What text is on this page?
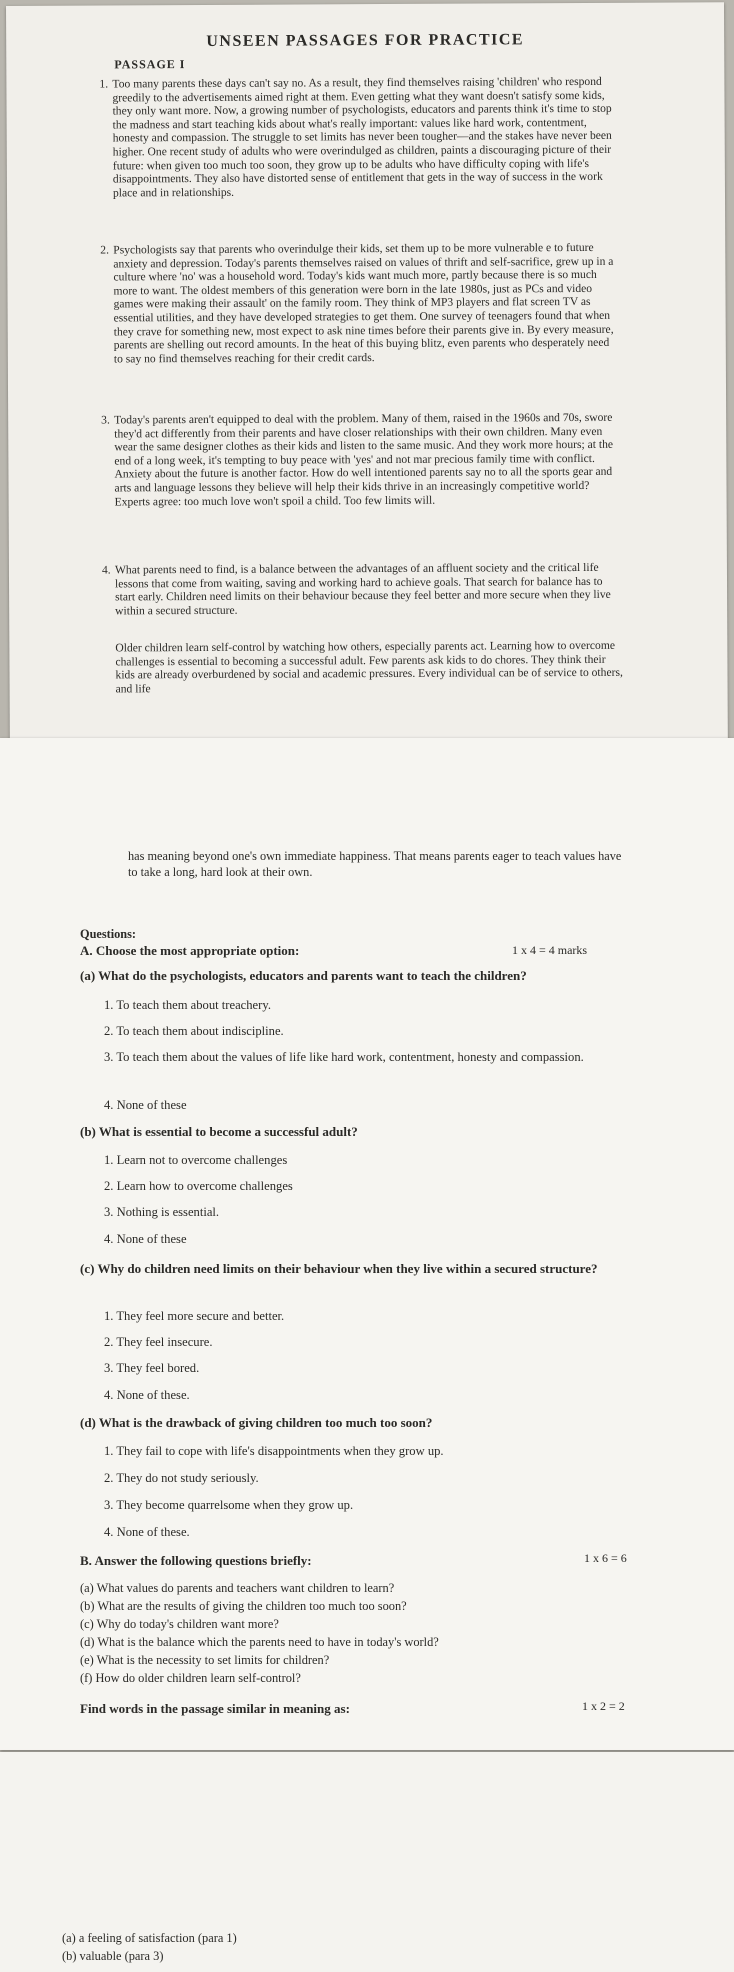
UNSEEN PASSAGES FOR PRACTICE
PASSAGE I
1. Too many parents these days can't say no. As a result, they find themselves raising 'children' who respond greedily to the advertisements aimed right at them. Even getting what they want doesn't satisfy some kids, they only want more. Now, a growing number of psychologists, educators and parents think it's time to stop the madness and start teaching kids about what's really important: values like hard work, contentment, honesty and compassion. The struggle to set limits has never been tougher—and the stakes have never been higher. One recent study of adults who were overindulged as children, paints a discouraging picture of their future: when given too much too soon, they grow up to be adults who have difficulty coping with life's disappointments. They also have distorted sense of entitlement that gets in the way of success in the work place and in relationships.
2. Psychologists say that parents who overindulge their kids, set them up to be more vulnerable e to future anxiety and depression. Today's parents themselves raised on values of thrift and self-sacrifice, grew up in a culture where 'no' was a household word. Today's kids want much more, partly because there is so much more to want. The oldest members of this generation were born in the late 1980s, just as PCs and video games were making their assault' on the family room. They think of MP3 players and flat screen TV as essential utilities, and they have developed strategies to get them. One survey of teenagers found that when they crave for something new, most expect to ask nine times before their parents give in. By every measure, parents are shelling out record amounts. In the heat of this buying blitz, even parents who desperately need to say no find themselves reaching for their credit cards.
3. Today's parents aren't equipped to deal with the problem. Many of them, raised in the 1960s and 70s, swore they'd act differently from their parents and have closer relationships with their own children. Many even wear the same designer clothes as their kids and listen to the same music. And they work more hours; at the end of a long week, it's tempting to buy peace with 'yes' and not mar precious family time with conflict. Anxiety about the future is another factor. How do well intentioned parents say no to all the sports gear and arts and language lessons they believe will help their kids thrive in an increasingly competitive world? Experts agree: too much love won't spoil a child. Too few limits will.
4. What parents need to find, is a balance between the advantages of an affluent society and the critical life lessons that come from waiting, saving and working hard to achieve goals. That search for balance has to start early. Children need limits on their behaviour because they feel better and more secure when they live within a secured structure.
Older children learn self-control by watching how others, especially parents act. Learning how to overcome challenges is essential to becoming a successful adult. Few parents ask kids to do chores. They think their kids are already overburdened by social and academic pressures. Every individual can be of service to others, and life
has meaning beyond one's own immediate happiness. That means parents eager to teach values have to take a long, hard look at their own.
Questions:
A. Choose the most appropriate option:	1 x 4 = 4 marks
(a) What do the psychologists, educators and parents want to teach the children?
1. To teach them about treachery.
2. To teach them about indiscipline.
3. To teach them about the values of life like hard work, contentment, honesty and compassion.
4. None of these
(b) What is essential to become a successful adult?
1. Learn not to overcome challenges
2. Learn how to overcome challenges
3. Nothing is essential.
4. None of these
(c) Why do children need limits on their behaviour when they live within a secured structure?
1. They feel more secure and better.
2. They feel insecure.
3. They feel bored.
4. None of these.
(d) What is the drawback of giving children too much too soon?
1. They fail to cope with life's disappointments when they grow up.
2. They do not study seriously.
3. They become quarrelsome when they grow up.
4. None of these.
B. Answer the following questions briefly:	1 x 6 = 6
(a) What values do parents and teachers want children to learn?
(b) What are the results of giving the children too much too soon?
(c) Why do today's children want more?
(d) What is the balance which the parents need to have in today's world?
(e) What is the necessity to set limits for children?
(f) How do older children learn self-control?
Find words in the passage similar in meaning as:	1 x 2 = 2
(a) a feeling of satisfaction (para 1)
(b) valuable (para 3)
